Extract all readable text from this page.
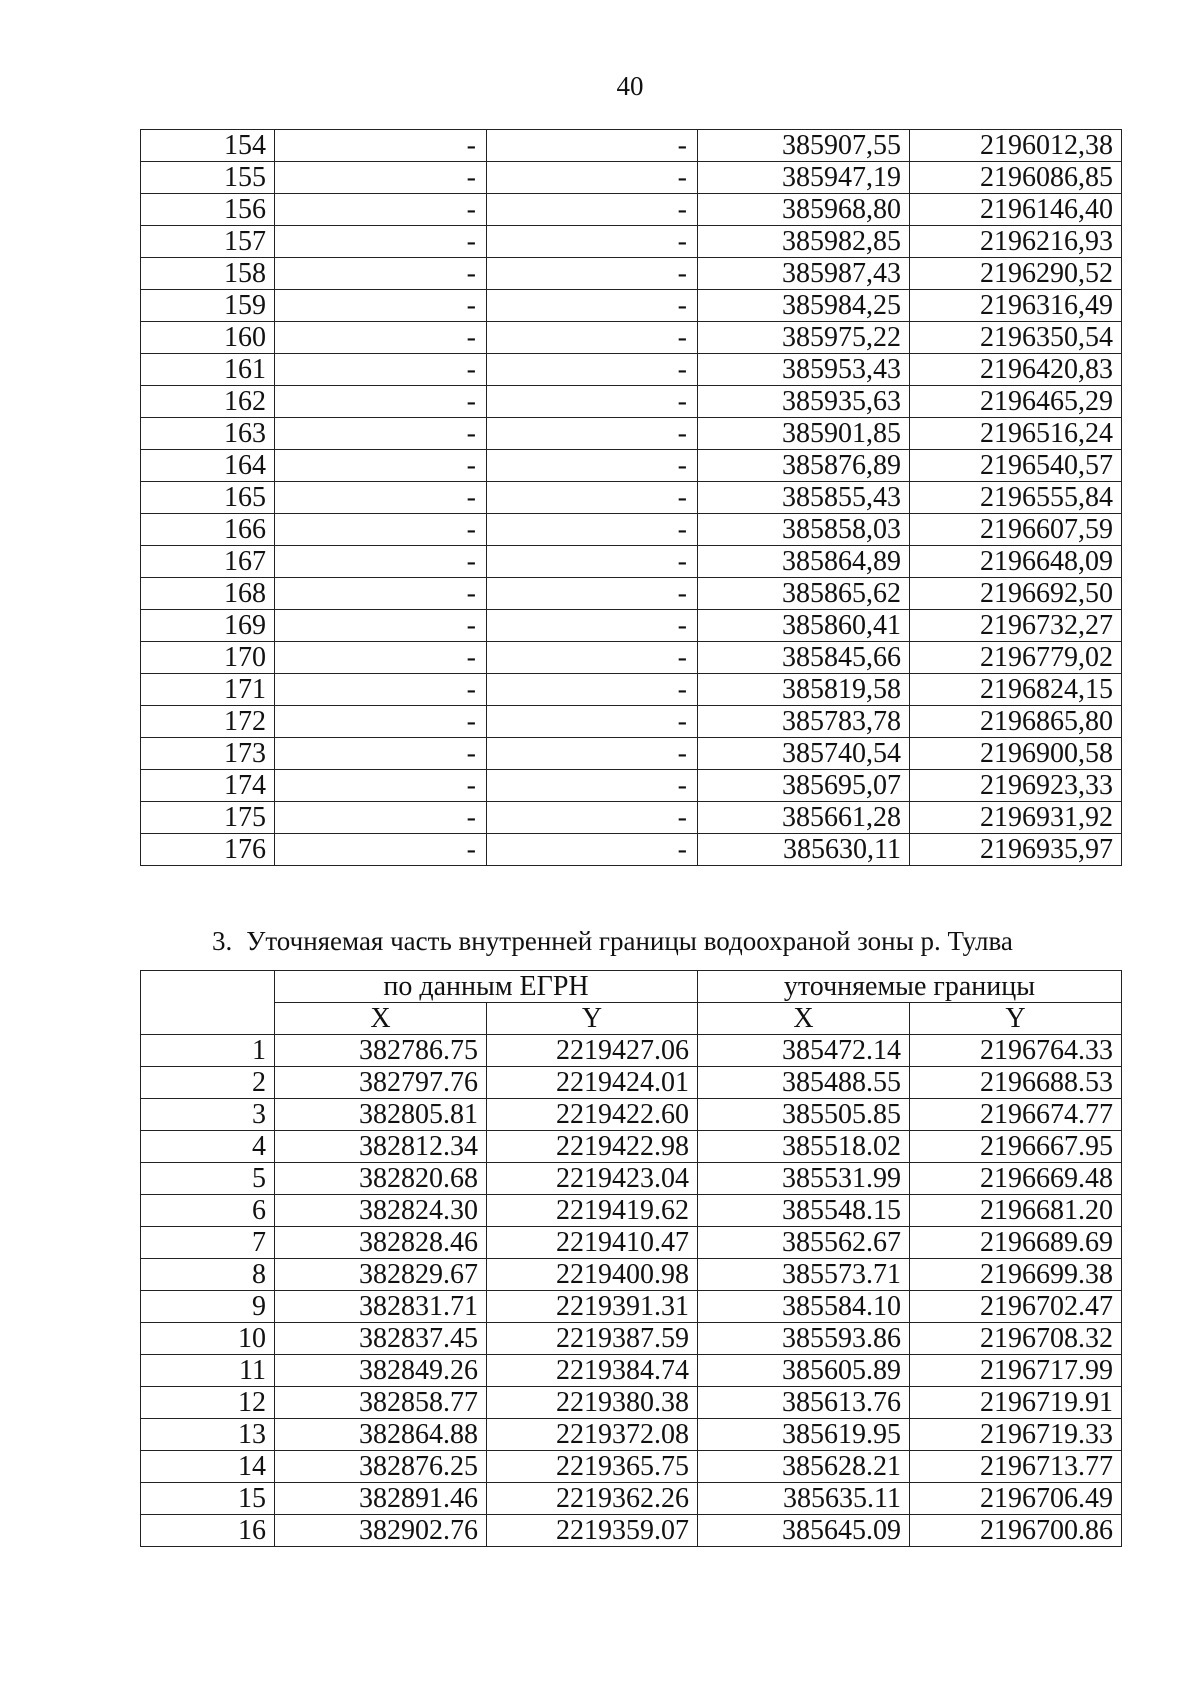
40
154	-	-	385907,55	2196012,38
155	-	-	385947,19	2196086,85
156	-	-	385968,80	2196146,40
157	-	-	385982,85	2196216,93
158	-	-	385987,43	2196290,52
159	-	-	385984,25	2196316,49
160	-	-	385975,22	2196350,54
161	-	-	385953,43	2196420,83
162	-	-	385935,63	2196465,29
163	-	-	385901,85	2196516,24
164	-	-	385876,89	2196540,57
165	-	-	385855,43	2196555,84
166	-	-	385858,03	2196607,59
167	-	-	385864,89	2196648,09
168	-	-	385865,62	2196692,50
169	-	-	385860,41	2196732,27
170	-	-	385845,66	2196779,02
171	-	-	385819,58	2196824,15
172	-	-	385783,78	2196865,80
173	-	-	385740,54	2196900,58
174	-	-	385695,07	2196923,33
175	-	-	385661,28	2196931,92
176	-	-	385630,11	2196935,97
3. Уточняемая часть внутренней границы водоохраной зоны р. Тулва
	по данным ЕГРН		уточняемые границы	
	X	Y	X	Y
1	382786.75	2219427.06	385472.14	2196764.33
2	382797.76	2219424.01	385488.55	2196688.53
3	382805.81	2219422.60	385505.85	2196674.77
4	382812.34	2219422.98	385518.02	2196667.95
5	382820.68	2219423.04	385531.99	2196669.48
6	382824.30	2219419.62	385548.15	2196681.20
7	382828.46	2219410.47	385562.67	2196689.69
8	382829.67	2219400.98	385573.71	2196699.38
9	382831.71	2219391.31	385584.10	2196702.47
10	382837.45	2219387.59	385593.86	2196708.32
11	382849.26	2219384.74	385605.89	2196717.99
12	382858.77	2219380.38	385613.76	2196719.91
13	382864.88	2219372.08	385619.95	2196719.33
14	382876.25	2219365.75	385628.21	2196713.77
15	382891.46	2219362.26	385635.11	2196706.49
16	382902.76	2219359.07	385645.09	2196700.86
